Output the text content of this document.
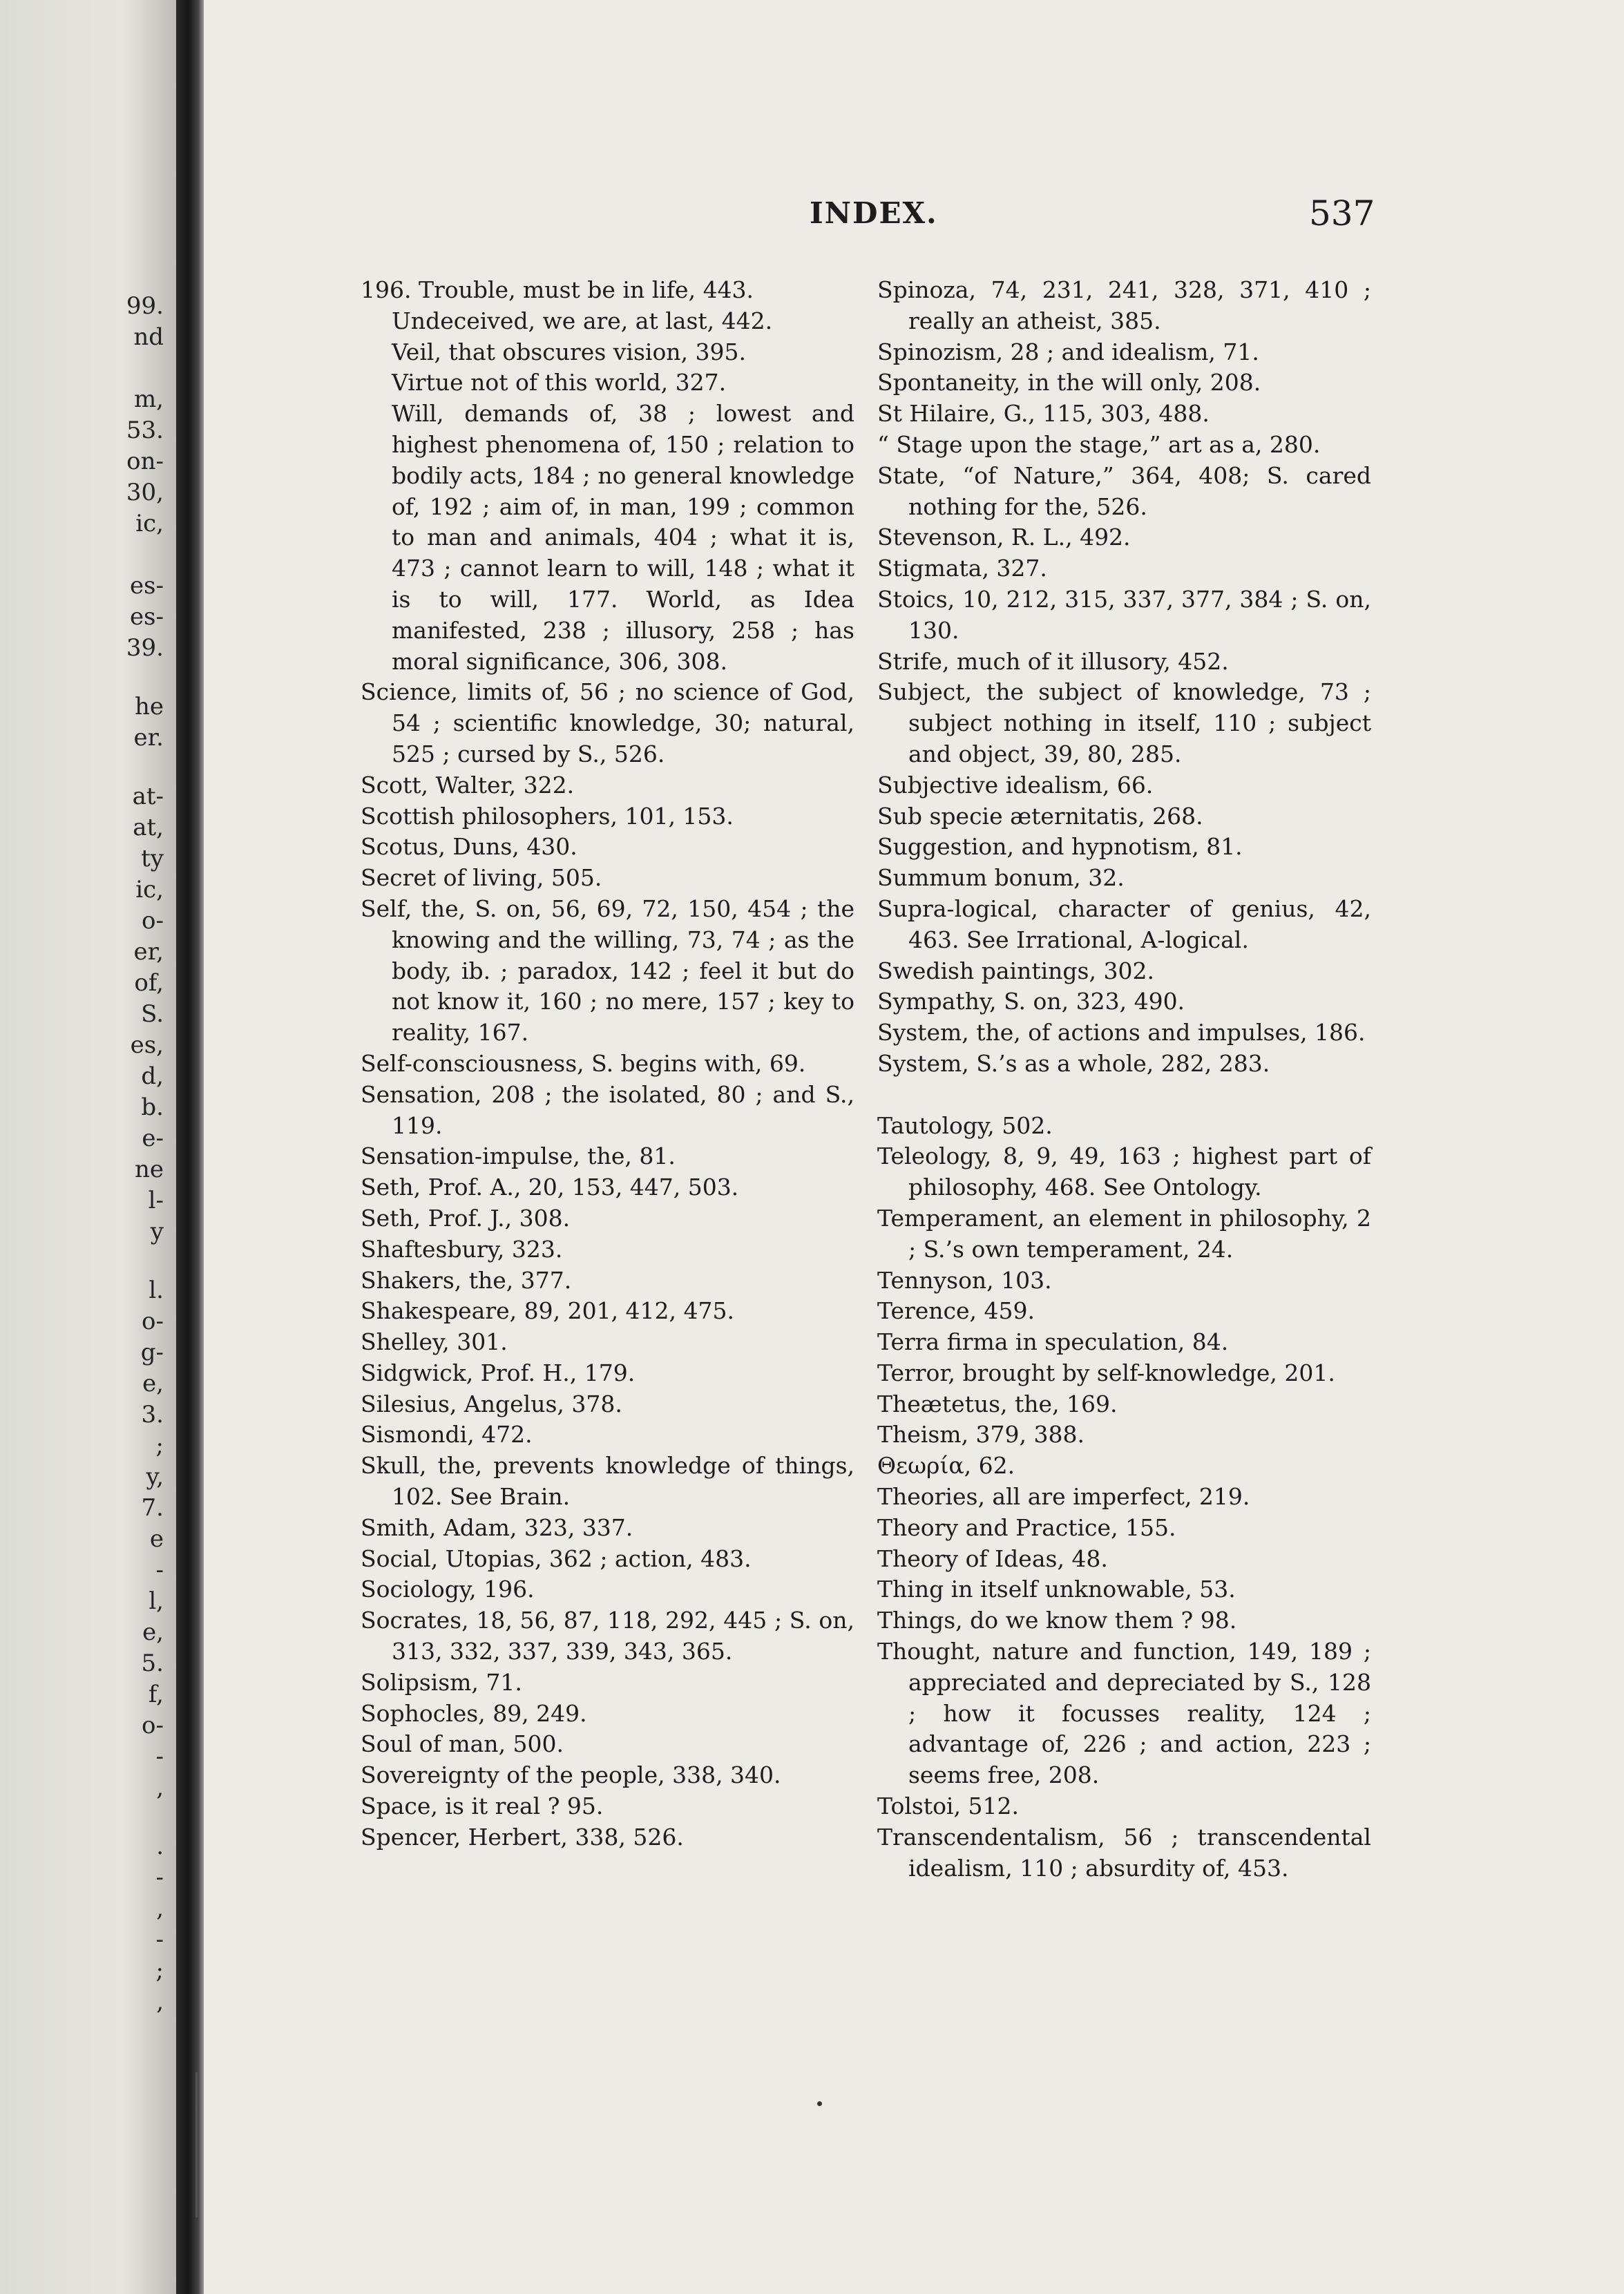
99.

nd

m,

53.

on-

30,

ic,

es-

es-

39.

he

er.

at-

at,

ty

ic,

o-

er,

of,

S.

es,

d,

b.

e-

ne

l-

y

l.

o-

g-

e,

3.

;

y,

7.

e

-

l,

e,

5.

f,

o-

-

,

.

-

,

-

;

,

INDEX.	537

196. Trouble, must be in life, 443.
Undeceived, we are, at last, 442.
Veil, that obscures vision, 395.
Virtue not of this world, 327.
Will, demands of, 38 ; lowest and highest phenomena of, 150 ; relation to bodily acts, 184 ; no general knowledge of, 192 ; aim of, in man, 199 ; common to man and animals, 404 ; what it is, 473 ; cannot learn to will, 148 ; what it is to will, 177. World, as Idea manifested, 238 ; illusory, 258 ; has moral significance, 306, 308.
Science, limits of, 56 ; no science of God, 54 ; scientific knowledge, 30; natural, 525 ; cursed by S., 526.
Scott, Walter, 322.
Scottish philosophers, 101, 153.
Scotus, Duns, 430.
Secret of living, 505.
Self, the, S. on, 56, 69, 72, 150, 454 ; the knowing and the willing, 73, 74 ; as the body, ib. ; paradox, 142 ; feel it but do not know it, 160 ; no mere, 157 ; key to reality, 167.
Self-consciousness, S. begins with, 69.
Sensation, 208 ; the isolated, 80 ; and S., 119.
Sensation-impulse, the, 81.
Seth, Prof. A., 20, 153, 447, 503.
Seth, Prof. J., 308.
Shaftesbury, 323.
Shakers, the, 377.
Shakespeare, 89, 201, 412, 475.
Shelley, 301.
Sidgwick, Prof. H., 179.
Silesius, Angelus, 378.
Sismondi, 472.
Skull, the, prevents knowledge of things, 102. See Brain.
Smith, Adam, 323, 337.
Social, Utopias, 362 ; action, 483.
Sociology, 196.
Socrates, 18, 56, 87, 118, 292, 445 ; S. on, 313, 332, 337, 339, 343, 365.
Solipsism, 71.
Sophocles, 89, 249.
Soul of man, 500.
Sovereignty of the people, 338, 340.
Space, is it real ? 95.
Spencer, Herbert, 338, 526.
Spinoza, 74, 231, 241, 328, 371, 410 ; really an atheist, 385.
Spinozism, 28 ; and idealism, 71.
Spontaneity, in the will only, 208.
St Hilaire, G., 115, 303, 488.
“ Stage upon the stage,” art as a, 280.
State, “of Nature,” 364, 408; S. cared nothing for the, 526.
Stevenson, R. L., 492.
Stigmata, 327.
Stoics, 10, 212, 315, 337, 377, 384 ; S. on, 130.
Strife, much of it illusory, 452.
Subject, the subject of knowledge, 73 ; subject nothing in itself, 110 ; subject and object, 39, 80, 285.
Subjective idealism, 66.
Sub specie æternitatis, 268.
Suggestion, and hypnotism, 81.
Summum bonum, 32.
Supra-logical, character of genius, 42, 463. See Irrational, A-logical.
Swedish paintings, 302.
Sympathy, S. on, 323, 490.
System, the, of actions and impulses, 186.
System, S.’s as a whole, 282, 283.
Tautology, 502.
Teleology, 8, 9, 49, 163 ; highest part of philosophy, 468. See Ontology.
Temperament, an element in philosophy, 2 ; S.’s own temperament, 24.
Tennyson, 103.
Terence, 459.
Terra firma in speculation, 84.
Terror, brought by self-knowledge, 201.
Theætetus, the, 169.
Theism, 379, 388.
Θεωρία, 62.
Theories, all are imperfect, 219.
Theory and Practice, 155.
Theory of Ideas, 48.
Thing in itself unknowable, 53.
Things, do we know them ? 98.
Thought, nature and function, 149, 189 ; appreciated and depreciated by S., 128 ; how it focusses reality, 124 ; advantage of, 226 ; and action, 223 ; seems free, 208.
Tolstoi, 512.
Transcendentalism, 56 ; transcendental idealism, 110 ; absurdity of, 453.
